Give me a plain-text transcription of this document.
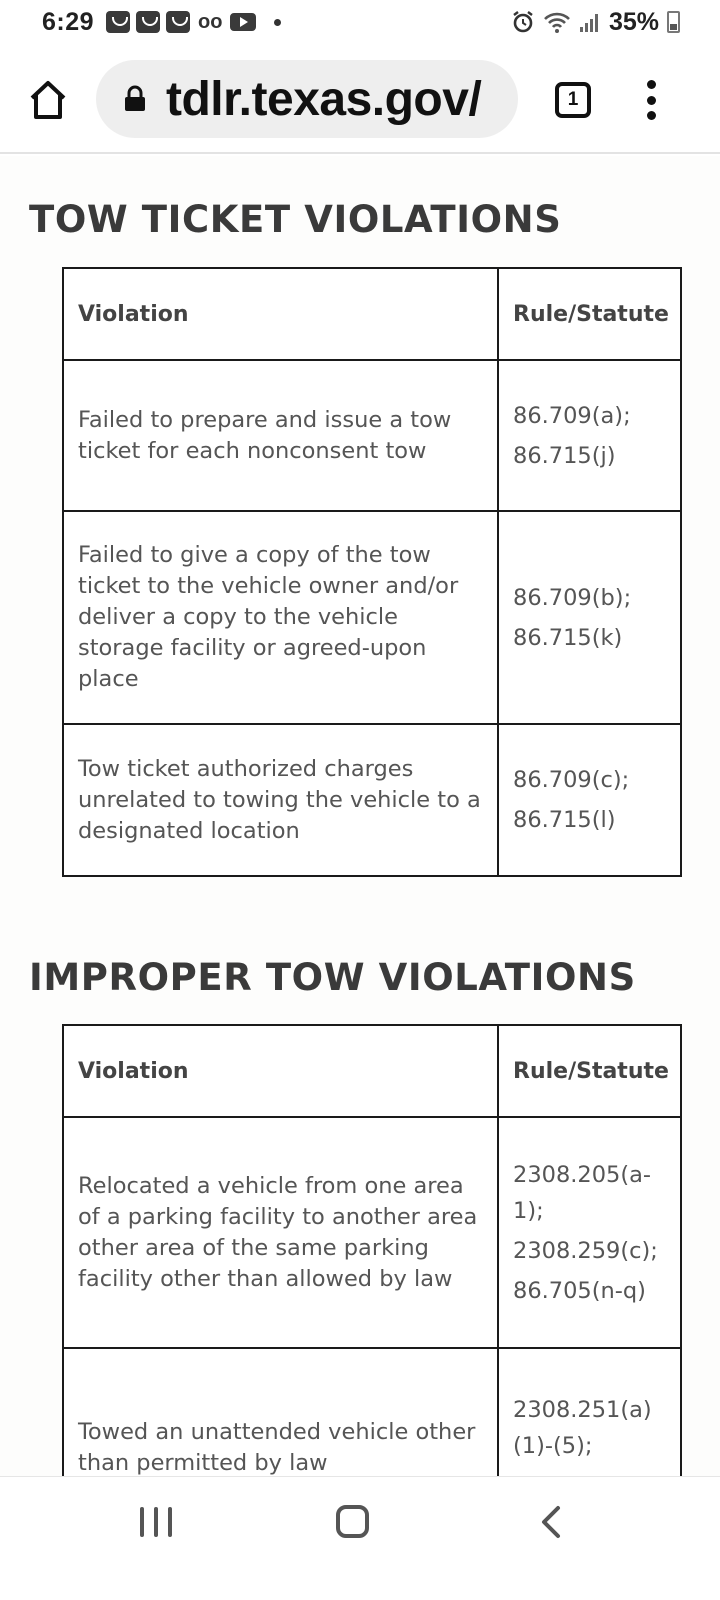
6:29	oo	35%
tdlr.texas.gov/	1
TOW TICKET VIOLATIONS
Violation	Rule/Statute
Failed to prepare and issue a tow ticket for each nonconsent tow	86.709(a);
86.715(j)

Failed to give a copy of the tow ticket to the vehicle owner and/or deliver a copy to the vehicle storage facility or agreed-upon place	86.709(b);
86.715(k)

Tow ticket authorized charges unrelated to towing the vehicle to a designated location	86.709(c);
86.715(l)
IMPROPER TOW VIOLATIONS
Violation	Rule/Statute
Relocated a vehicle from one area of a parking facility to another area other area of the same parking facility other than allowed by law	2308.205(a-1);
2308.259(c);
86.705(n-q)

Towed an unattended vehicle other than permitted by law	2308.251(a)(1)-(5);
